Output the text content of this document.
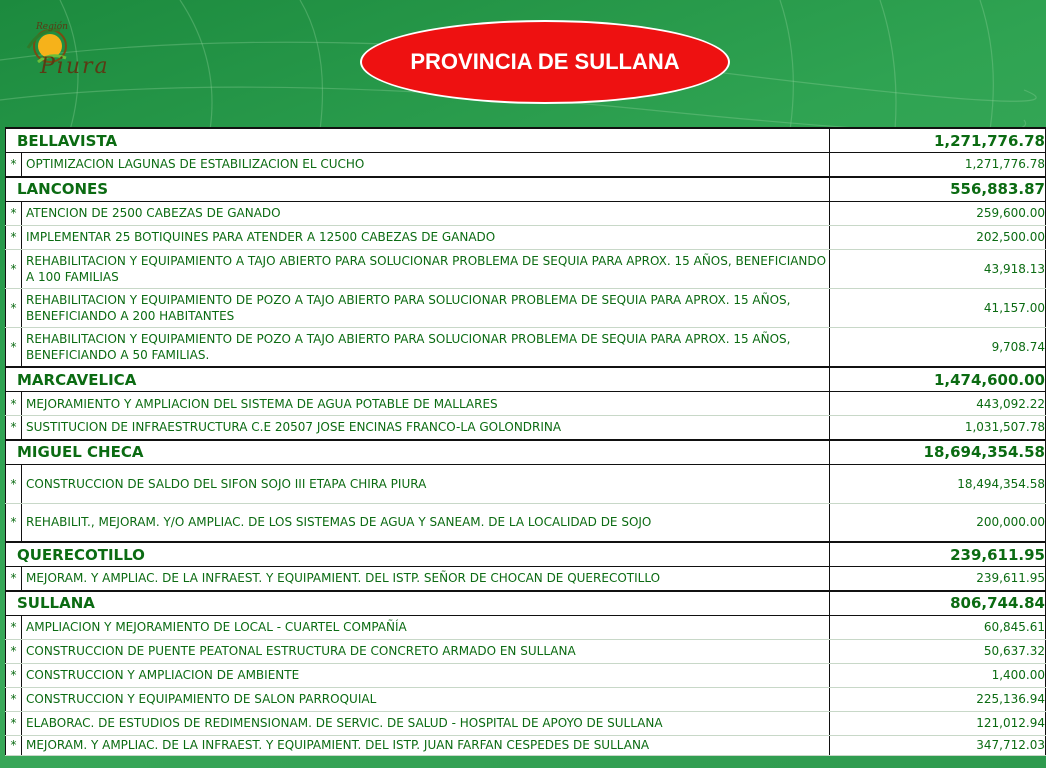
Región
Piura	PROVINCIA DE SULLANA
BELLAVISTA		1,271,776.78
*	OPTIMIZACION LAGUNAS DE ESTABILIZACION EL CUCHO	1,271,776.78
LANCONES		556,883.87
*	ATENCION DE 2500 CABEZAS DE GANADO	259,600.00
*	IMPLEMENTAR 25 BOTIQUINES PARA ATENDER A 12500 CABEZAS DE GANADO	202,500.00
*	REHABILITACION Y EQUIPAMIENTO A TAJO ABIERTO PARA SOLUCIONAR PROBLEMA DE SEQUIA PARA APROX. 15 AÑOS, BENEFICIANDO A 100 FAMILIAS	43,918.13
*	REHABILITACION Y EQUIPAMIENTO DE POZO A TAJO ABIERTO PARA SOLUCIONAR PROBLEMA DE SEQUIA PARA APROX. 15 AÑOS, BENEFICIANDO A 200 HABITANTES	41,157.00
*	REHABILITACION Y EQUIPAMIENTO DE POZO A TAJO ABIERTO PARA SOLUCIONAR PROBLEMA DE SEQUIA PARA APROX. 15 AÑOS, BENEFICIANDO A 50 FAMILIAS.	9,708.74
MARCAVELICA		1,474,600.00
*	MEJORAMIENTO Y AMPLIACION DEL SISTEMA DE AGUA POTABLE DE MALLARES	443,092.22
*	SUSTITUCION DE INFRAESTRUCTURA C.E 20507 JOSE ENCINAS FRANCO-LA GOLONDRINA	1,031,507.78
MIGUEL CHECA		18,694,354.58
*	CONSTRUCCION DE SALDO DEL SIFON SOJO III ETAPA CHIRA PIURA	18,494,354.58
*	REHABILIT., MEJORAM. Y/O AMPLIAC. DE LOS SISTEMAS DE AGUA Y SANEAM. DE LA LOCALIDAD DE SOJO	200,000.00
QUERECOTILLO		239,611.95
*	MEJORAM. Y AMPLIAC. DE LA INFRAEST. Y EQUIPAMIENT. DEL ISTP. SEÑOR DE CHOCAN DE QUERECOTILLO	239,611.95
SULLANA		806,744.84
*	AMPLIACION Y MEJORAMIENTO DE LOCAL - CUARTEL COMPAÑÍA	60,845.61
*	CONSTRUCCION DE PUENTE PEATONAL ESTRUCTURA DE CONCRETO ARMADO EN SULLANA	50,637.32
*	CONSTRUCCION Y AMPLIACION DE AMBIENTE	1,400.00
*	CONSTRUCCION Y EQUIPAMIENTO DE SALON PARROQUIAL	225,136.94
*	ELABORAC. DE ESTUDIOS DE REDIMENSIONAM. DE SERVIC. DE SALUD - HOSPITAL DE APOYO DE SULLANA	121,012.94
*	MEJORAM. Y AMPLIAC. DE LA INFRAEST. Y EQUIPAMIENT. DEL ISTP. JUAN FARFAN CESPEDES DE SULLANA	347,712.03
